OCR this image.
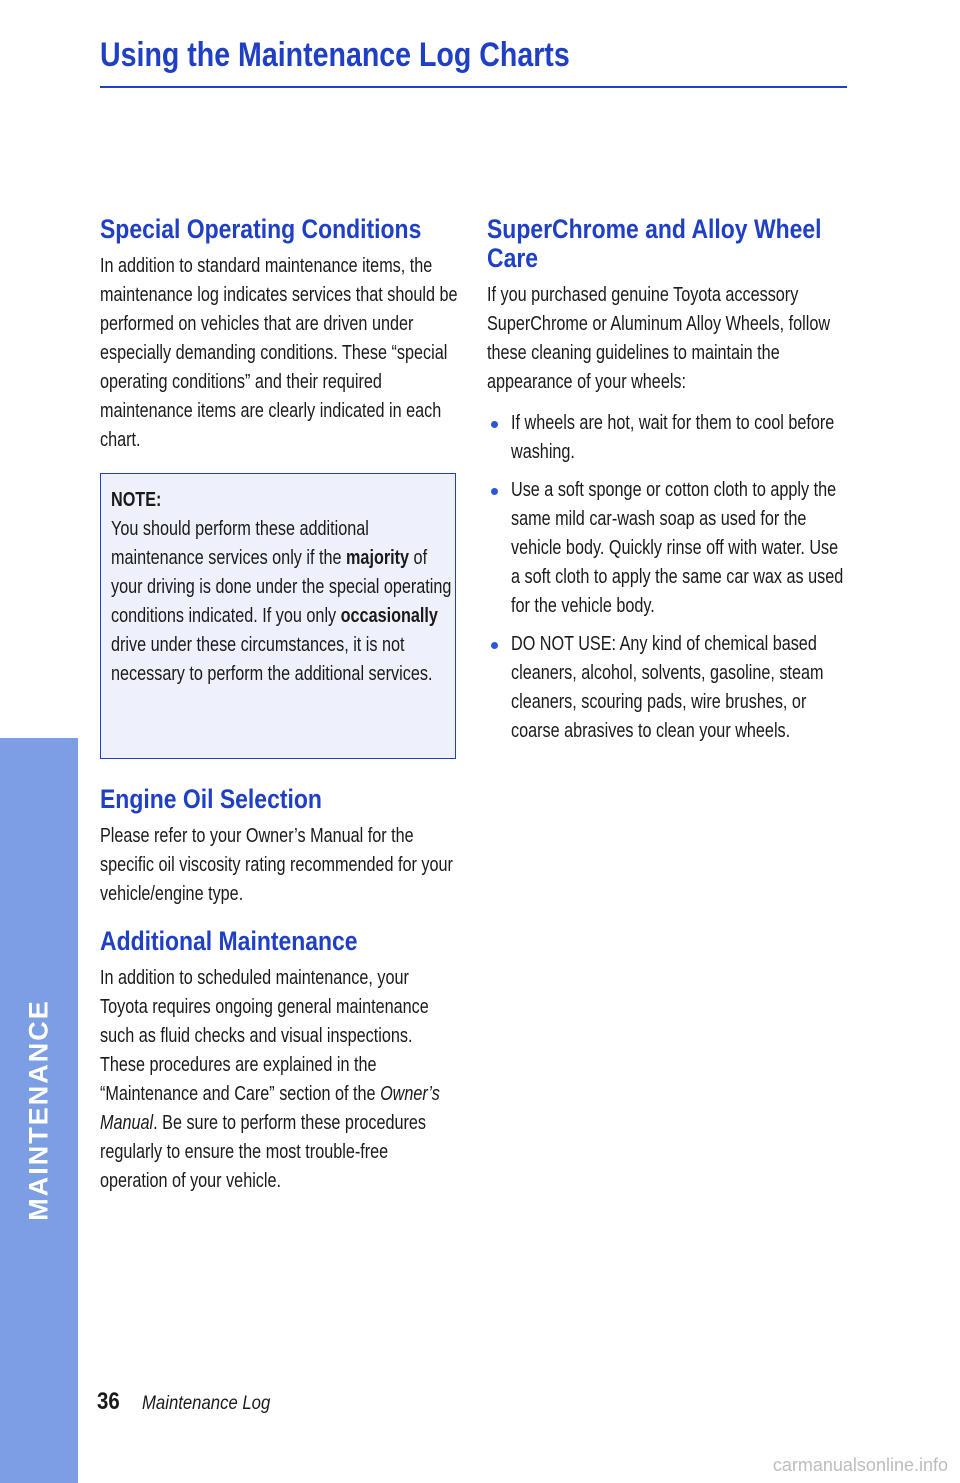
MAINTENANCE
Using the Maintenance Log Charts
Special Operating Conditions

In addition to standard maintenance items, the maintenance log indicates services that should be performed on vehicles that are driven under especially demanding conditions. These “special operating conditions” and their required maintenance items are clearly indicated in each chart.

NOTE:
You should perform these additional maintenance services only if the majority of your driving is done under the special operating conditions indicated. If you only occasionally drive under these circumstances, it is not necessary to perform the additional services.

Engine Oil Selection

Please refer to your Owner’s Manual for the specific oil viscosity rating recommended for your vehicle/engine type.

Additional Maintenance

In addition to scheduled maintenance, your Toyota requires ongoing general maintenance such as fluid checks and visual inspections. These procedures are explained in the “Maintenance and Care” section of the Owner’s Manual. Be sure to perform these procedures regularly to ensure the most trouble-free operation of your vehicle.

SuperChrome and Alloy Wheel Care

If you purchased genuine Toyota accessory SuperChrome or Aluminum Alloy Wheels, follow these cleaning guidelines to maintain the appearance of your wheels:

If wheels are hot, wait for them to cool before washing.

Use a soft sponge or cotton cloth to apply the same mild car-wash soap as used for the vehicle body. Quickly rinse off with water. Use a soft cloth to apply the same car wax as used for the vehicle body.

DO NOT USE: Any kind of chemical based cleaners, alcohol, solvents, gasoline, steam cleaners, scouring pads, wire brushes, or coarse abrasives to clean your wheels.

36 Maintenance Log
carmanualsonline.info
